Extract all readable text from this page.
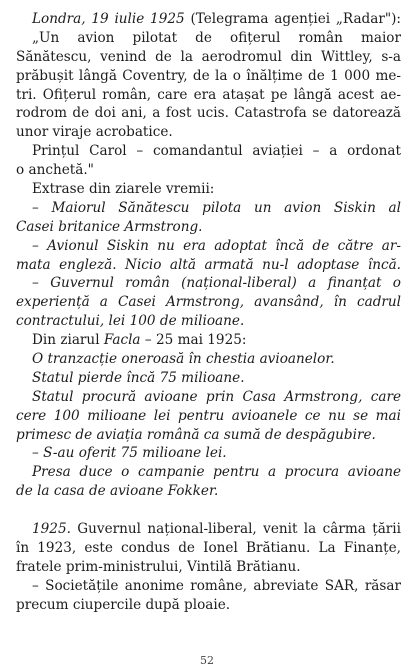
Londra, 19 iulie 1925 (Telegrama agenției „Radar"):
„Un avion pilotat de ofițerul român maior
Sănătescu, venind de la aerodromul din Wittley, s-a
prăbușit lângă Coventry, de la o înălțime de 1 000 me-
tri. Ofițerul român, care era atașat pe lângă acest ae-
rodrom de doi ani, a fost ucis. Catastrofa se datorează
unor viraje acrobatice.
Prințul Carol – comandantul aviației – a ordonat
o anchetă."
Extrase din ziarele vremii:
– Maiorul Sănătescu pilota un avion Siskin al
Casei britanice Armstrong.
– Avionul Siskin nu era adoptat încă de către ar-
mata engleză. Nicio altă armată nu-l adoptase încă.
– Guvernul român (național-liberal) a finanțat o
experiență a Casei Armstrong, avansând, în cadrul
contractului, lei 100 de milioane.
Din ziarul Facla – 25 mai 1925:
O tranzacție oneroasă în chestia avioanelor.
Statul pierde încă 75 milioane.
Statul procură avioane prin Casa Armstrong, care
cere 100 milioane lei pentru avioanele ce nu se mai
primesc de aviația română ca sumă de despăgubire.
– S-au oferit 75 milioane lei.
Presa duce o campanie pentru a procura avioane
de la casa de avioane Fokker.
1925. Guvernul național-liberal, venit la cârma țării
în 1923, este condus de Ionel Brătianu. La Finanțe,
fratele prim-ministrului, Vintilă Brătianu.
– Societățile anonime române, abreviate SAR, răsar
precum ciupercile după ploaie.
52
